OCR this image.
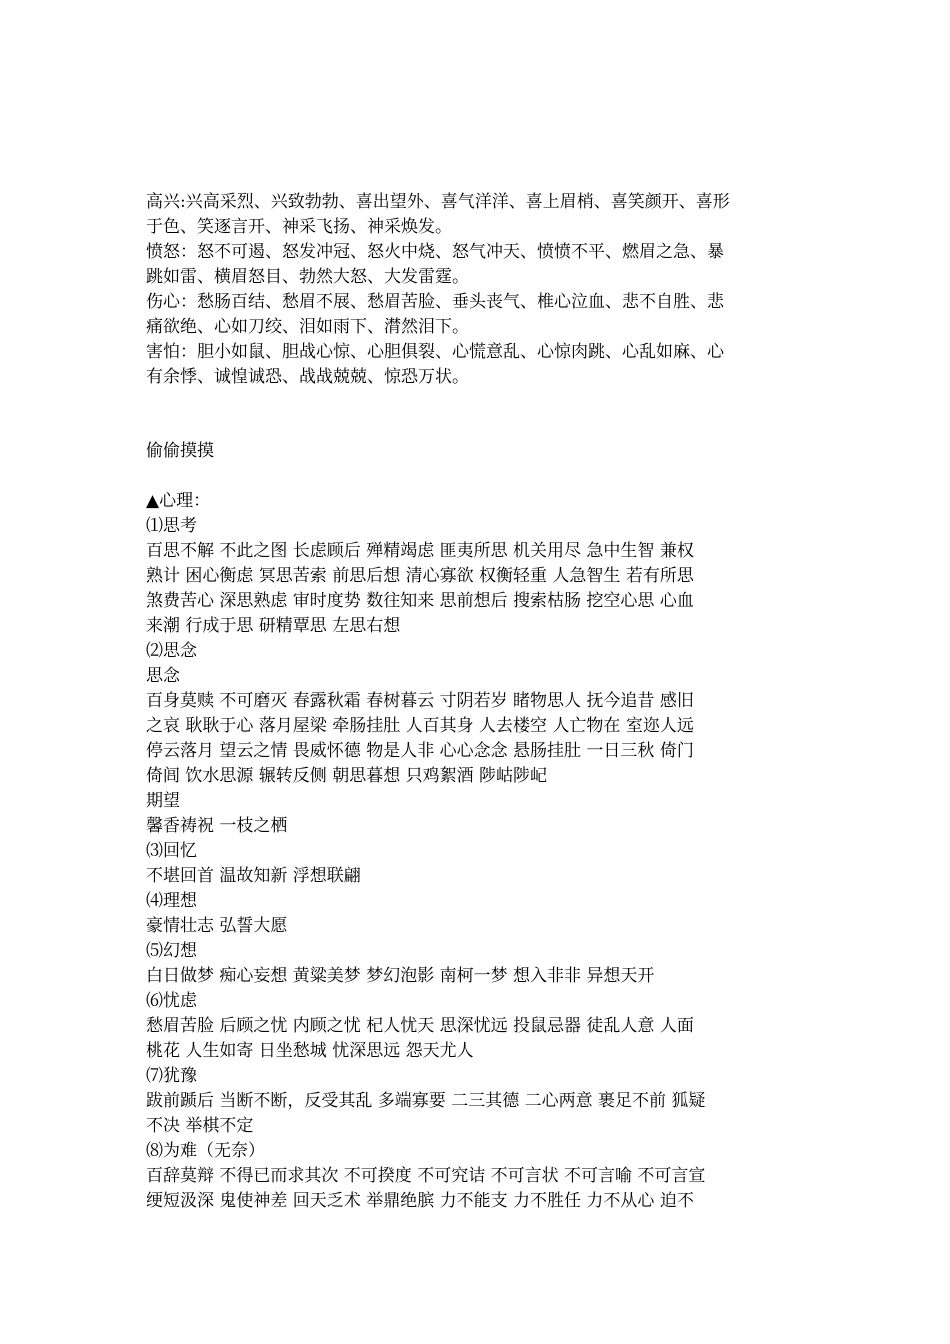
高兴:兴高采烈、兴致勃勃、喜出望外、喜气洋洋、喜上眉梢、喜笑颜开、喜形
于色、笑逐言开、神采飞扬、神采焕发。
愤怒：怒不可遏、怒发冲冠、怒火中烧、怒气冲天、愤愤不平、燃眉之急、暴
跳如雷、横眉怒目、勃然大怒、大发雷霆。
伤心：愁肠百结、愁眉不展、愁眉苦脸、垂头丧气、椎心泣血、悲不自胜、悲
痛欲绝、心如刀绞、泪如雨下、潸然泪下。
害怕：胆小如鼠、胆战心惊、心胆俱裂、心慌意乱、心惊肉跳、心乱如麻、心
有余悸、诚惶诚恐、战战兢兢、惊恐万状。
偷偷摸摸
▲心理：
⑴思考
百思不解 不此之图 长虑顾后 殚精竭虑 匪夷所思 机关用尽 急中生智 兼权
熟计 困心衡虑 冥思苦索 前思后想 清心寡欲 权衡轻重 人急智生 若有所思
煞费苦心 深思熟虑 审时度势 数往知来 思前想后 搜索枯肠 挖空心思 心血
来潮 行成于思 研精覃思 左思右想
⑵思念
思念
百身莫赎 不可磨灭 春露秋霜 春树暮云 寸阴若岁 睹物思人 抚今追昔 感旧
之哀 耿耿于心 落月屋梁 牵肠挂肚 人百其身 人去楼空 人亡物在 室迩人远
停云落月 望云之情 畏威怀德 物是人非 心心念念 悬肠挂肚 一日三秋 倚门
倚闾 饮水思源 辗转反侧 朝思暮想 只鸡絮酒 陟岵陟屺
期望
馨香祷祝 一枝之栖
⑶回忆
不堪回首 温故知新 浮想联翩
⑷理想
豪情壮志 弘誓大愿
⑸幻想
白日做梦 痴心妄想 黄粱美梦 梦幻泡影 南柯一梦 想入非非 异想天开
⑹忧虑
愁眉苦脸 后顾之忧 内顾之忧 杞人忧天 思深忧远 投鼠忌器 徒乱人意 人面
桃花 人生如寄 日坐愁城 忧深思远 怨天尤人
⑺犹豫
跋前踬后 当断不断，反受其乱 多端寡要 二三其德 二心两意 裹足不前 狐疑
不决 举棋不定
⑻为难（无奈）
百辞莫辩 不得已而求其次 不可揆度 不可究诘 不可言状 不可言喻 不可言宣
绠短汲深 鬼使神差 回天乏术 举鼎绝膑 力不能支 力不胜任 力不从心 迫不
